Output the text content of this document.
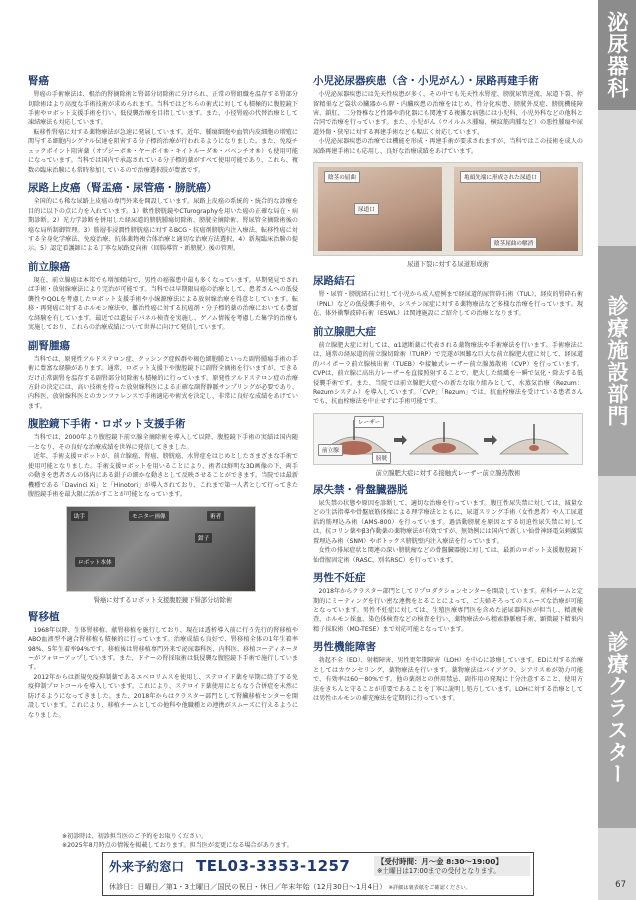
泌尿器科
診療施設部門
診療クラスター
腎癌

腎癌の手術療法は、根治的腎摘除術と腎部分切除術に分けられ、正常の腎組織を温存する腎部分切除術はより高度な手術技術が求められます。当科ではどちらの術式に対しても積極的に腹腔鏡下手術やロボット支援手術を行い、低侵襲治療を目指しています。また、小径腎癌の代替治療として凍結療法も対応しています。

転移性腎癌に対する薬物療法が急速に発展しています。近年、腫瘍細胞や血管内皮細胞の増殖に関与する細胞内シグナル伝達を阻害する分子標的治療が行われるようになりました。また、免疫チェックポイント阻害薬（オプジーボ®・ヤーボイ®・キイトルーダ®・バベンチオ®）も使用可能になっています。当科では国内で承認されている分子標的薬がすべて使用可能であり、これら、複数の臨床治験にも常時参加しているので治療選択肢が豊富です。

尿路上皮癌（腎盂癌・尿管癌・膀胱癌）

全国的にも稀な尿路上皮癌の専門外来を開設しています。尿路上皮癌の系統的・統合的な診療を目的に以下の点に力を入れています。1）軟性膀胱鏡やCTurographyを用いた癌の正確な局在・病期診断。2）光力学診断を併用した経尿道的膀胱腫瘍切除術、膀胱全摘除術、腎尿管全摘除術後の癌な局所制御管理。3）筋層非浸潤性膀胱癌に対するBCG・抗癌剤膀胱内注入療法、転移性癌に対する全身化学療法、免疫治療、抗体薬物複合体治療と適切な治療方法選択、4）新規臨床治験の提示。5）認定看護師による丁寧な尿路変向術（回腸導管・新膀胱）後の管理。

前立腺癌

現在、前立腺癌は本邦でも増加傾向で、男性の癌罹患中最も多くなっています。早期発見でされば手術・放射線療法により完治が可能です。当科では早期限局癌の治療として、患者さんへの低侵襲性やQOLを考慮したロボット支援手術や小線源療法による放射線治療を得意としています。転移・再発癌に対するホルモン療法や、難治性癌に対する抗癌剤・分子標的薬の治療においても豊富な経験を有しています。最近では遺伝子パネル検査を実施し、ゲノム情報を考慮した集学的治療も実施しており、これらの治療成績について世界に向けて発信しています。

副腎腫瘍

当科では、原発性アルドステロン症、クッシング症候群や褐色細胞腫といった副腎腫瘍手術の手術に豊富な経験があります。通常、ロボット支援下や腹腔鏡下に副腎全摘術を行いますが、できるだけ正常副腎を温存する副腎部分切除術も積極的に行っています。原発性アルドステロン症の治療方針の決定には、高い技術を持った放射線科医による正確な副腎静脈サンプリングが必要であり、内科医、放射線科医とのカンファレンスで手術適応や術式を決定し、非常に良好な成績をあげています。

腹腔鏡下手術・ロボット支援手術

当科では、2000年より腹腔鏡下前立腺全摘除術を導入して以降、腹腔鏡下手術の実績は国内随一となり、その良好な治療成績を世界に発信してきました。

近年、手術支援ロボットが、前立腺癌、腎癌、膀胱癌、水腎症をはじめとしたさまざまな手術で使用可能となりました。手術支援ロボットを用いることにより、術者は鮮明な3D画像の下、両手の動きを患者さんの体内にある鉗子の細かな動きとして反映させることができます。当院では最新機種である「Davinci Xi」と「Hinotori」が導入されており、これまで第一人者として行ってきた腹腔鏡手術を最大限に活かすことが可能となっています。

助手	モニター画像	術者
鉗子
ロボット本体
腎癌に対するロボット支援腹腔鏡下腎部分切除術
腎移植

1968年以降、生体腎移植、献腎移植を施行しており、現在は透析導入前に行う先行的腎移植やABO血液型不適合腎移植も積極的に行っています。治療成績も良好で、腎移植全体の1年生着率98%、5年生着率94%です。移植後は腎移植専門外来で泌尿器科医、内科医、移植コーディネーターがフォローアップしています。また、ドナーの腎採取術は低侵襲な腹腔鏡下手術で施行しています。

2012年からは新規免疫抑制薬であるエベロリムスを使用し、ステロイド薬を早期に終了する免疫抑制プロトコールを導入しています。これにより、ステロイド薬使用にともなう合併症を未然に防げるようになってきました。また、2018年からはクラスター部門として腎臓移植センターを開設しています。これにより、移植チームとしての他科や他職種との連携がスムーズに行えるようになりました。

小児泌尿器疾患（含・小児がん）・尿路再建手術

小児泌尿器疾患には先天性疾患が多く、その中でも先天性水腎症、膀胱尿管逆流、尿道下裂、停留精巣など袋状の臓器から膵・内臓疾患の治療をはじめ、性分化疾患、膀胱外反症、膀胱機能障害、鎖肛、二分脊椎など性器や消化器にも関連する複雑な病態には小児科、小児外科などの他科と合同で治療を行っています。また、小児がん（ウイルムス腫瘍、横紋筋肉腫など）の悪性腫瘍や尿道外傷・狭窄に対する再建手術なども幅広く対応しています。

小児泌尿器疾患の治療では機能を形成・再建手術が要求されますが、当科ではこの技術を成人の尿路再建手術にも応用し、良好な治療成績をあげています。

陰茎の屈曲
尿道口
亀頭先端に形成された尿道口
陰茎屈曲の解消
尿道下裂に対する尿道形成術
尿路結石

腎・尿管・膀胱結石に対して小児から成人症例まで経尿道的尿管砕石術（TUL）、経皮的腎砕石術（PNL）などの低侵襲手術や、シスチン尿症に対する薬物療法など多様な治療を行っています。現在、体外衝撃波砕石術（ESWL）は関連施設にご紹介しての治療となります。

前立腺肥大症

前立腺肥大症に対しては、α1遮断薬に代表される薬物療法や手術療法を行います。手術療法には、通常の経尿道的前立腺切除術（TURP）で完遂が困難な巨大な前立腺肥大症に対して、経尿道的バイポーラ前立腺核出術（TUEB）や接触式レーザー前立腺蒸散術（CVP）を行っています。CVPは、前立腺に高出力レーザーを直接照射することで、肥大した組織を一瞬で気化・除去する低侵襲手術です。また、当院では前立腺肥大症への新たな取り組みとして、水蒸気治療（Rezum：Rezumシステム）を導入しています。「CVP」「Rezum」では、抗血栓療法を受けている患者さんでも、抗血栓療法を中止せずに手術可能です。

レーザー
前立腺
膀胱
前立腺肥大症に対する接触式レーザー前立腺蒸散術
尿失禁・骨盤臓器脱

尿失禁の状態や原因を診断して、適切な治療を行っています。腹圧性尿失禁に対しては、減量などの生活指導や骨盤底筋体操による理学療法とともに、尿道スリング手術（女性患者）や人工尿道括約筋埋込み術（AMS-800）を行っています。過活動膀胱を原因とする切迫性尿失禁に対しては、抗コリン薬やβ3作動薬の薬物療法が有効ですが、無効例には国内で新しい仙骨神経電気刺激装置埋込み術（SNM）やボトックス膀胱壁内注入療法を行っています。

女性の排尿症状と関連の深い膀胱瘤などの骨盤臓器脱に対しては、最新のロボット支援腹腔鏡下仙骨膣固定術（RASC、別名RSC）を行っています。

男性不妊症

2018年からクラスター部門としてリプロダクションセンターを開設しています。産科チームと定期的にミーティングを行い密な連携をとることによって、ご夫婦そろってのスムーズな治療が可能となっています。男性不妊症に対しては、生殖医療専門医を含めた泌尿器科医が担当し、精液検査、ホルモン採血、染色体検査などの検査を行い、薬物療法から精索静脈瘤手術、顕微鏡下精巣内精子採取術（MD-TESE）まで対応可能となっています。

男性機能障害

勃起不全（ED）、射精障害、男性更年期障害（LOH）を中心に診療しています。EDに対する治療としてはカウンセリング、薬物療法を行います。薬物療法はバイアグラ、シアリス®が効力可能で、有効率は60〜80%です。他の薬剤との併用禁忌、副作用の発現に十分注意すること、使用方法をきちんと守ることが重要であることを丁寧に説明し処方しています。LOHに対する治療としては男性ホルモンの補充療法を定期的に行っています。

※初診時は、初診担当医のご予約をお取りください。
※2025年8月時点の情報を掲載しております。担当医が変更になる場合があります。
外来予約窓口 TEL03-3353-1257	【受付時間：月〜金 8:30〜19:00】
※土曜日は17:00までの受付となります。
休診日：日曜日／第1・3土曜日／国民の祝日・休日／年末年始（12月30日〜1月4日） ※詳細は裏表紙をご確認ください。	67
